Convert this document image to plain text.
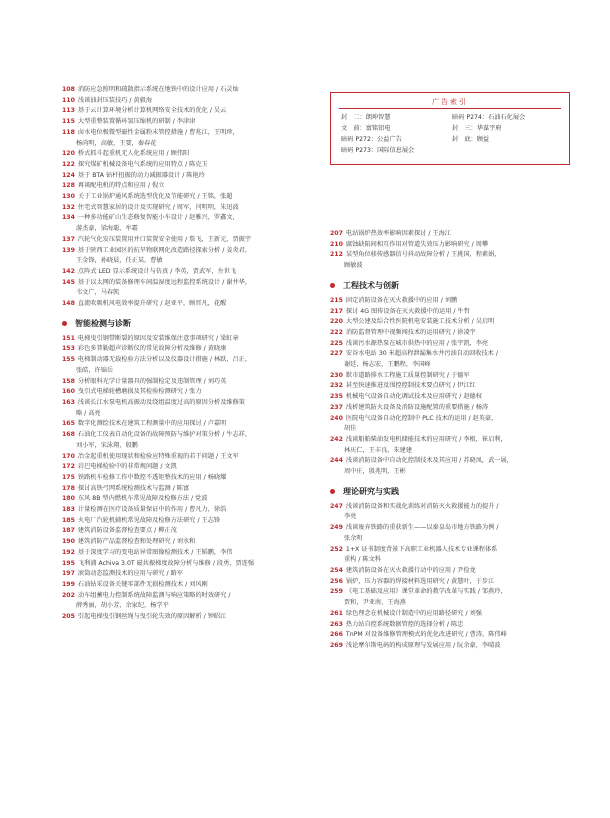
108 消防应急照明和疏散指示系统在地铁中的设计应用 / 石灵灿
110 浅谈油封压装技巧 / 黄毅海
113 基于云计算环境分析计算机网络安全技术的优化 / 吴云
115 大型重整装置循环氢压缩机的研制 / 李津津
118 卤水电位极微型磁性金属粉末管控措施 / 曹兆江，王明珍，
杨尚明，高敏，王要，秦春花
120 桥式抓斗起重机无人化系统应用 / 顾伟阳
122 探究煤矿机械设备电气系统的应用特点 / 陈克玉
124 基于 BTA 钻杆扭振的动力减振器设计 / 陈艳玲
128 再谈配电机的特点和应用 / 倪立
130 关于工业锅炉通风系统选型优化及节能研究 / 王铭，张超
132 住宅式智慧家居的设计及实现研究 / 周军，闫明明，朱迅波
134 一种多功能矿山生态修复智能小车设计 / 赵雅兴，罗鑫文，
游杰豪，梁海聪，牟霜
137 汽轮气化发压装置用并口装置安全使用 / 詹飞，王新元，贾振宇
139 基于陕西工业园区的抗旱物联网化改造路径探索分析 / 姜炎君，
王金锋，孙晓晨，任正某，曹敏
142 点阵式 LED 显示系统设计与仿真 / 李英，贾武军，左世飞
145 基于以太网的装备修理车间温湿度远程监控系统设计 / 谢井华，
韦文广，马春凯
148 直流吹吸机风电效率提升研究 / 赵亚平，顾晋凡，花醒
智能检测与诊断
151 电梯曳引钢带断裂的原因及安装维保注意事项研究 / 梁虹章
153 彩色多普勒超声诊断仪的常见故障分析及维修 / 黄晓康
155 电梯制动器无载检验方法分析以及仪器设计措施 / 林跃，吕正，
张皓，许锦岳
158 分析眼科光学计量器具的强制检定及违制管理 / 刘巧英
160 曳引式电梯轮槽磨损及其检验检测研究 / 张力
163 浅谈长江水泵电机高振动及绕组温度过高的原因分析及维修策
略 / 高亮
165 数字化测绘技术在建筑工程测量中的应用探讨 / 卢嘉明
168 石油化工仪表自动化设备的故障预防与维护对策分析 / 牛志祥，
刘小军，宋泳翔，殷鹏
170 冶金起重机使用现状和检验应特殊重视的若干问题 / 王文军
172 岩巴电梯检验中的非常规问题 / 文凯
175 铁路机车检修工作中数控不透矩整技术的应用 / 杨晓耀
178 探讨高铁弓网系统检测技术与监测 / 陈富
180 东风 8B 型内燃机车常见故障及检修方法 / 党波
183 计量检测在医疗设备质量保证中的作用 / 曹凡力，徐浩
185 火电厂汽轮机辅机常见故障及检修方法研究 / 王志锋
187 建筑消防设备监督检查要点 / 柳正茂
190 建筑消防产品监督检查和处理研究 / 刘水和
192 基于深度学习的变电站异常图像检测技术 / 王韬鹏，李伟
195 飞利浦 Achiva 3.0T 磁共振梯度故障分析与维修 / 段勇，贾连强
197 滚筒动态监测技术的应用与研究 / 路军
199 石油钻采设备关键零部件无损检测技术 / 刘风刚
202 动车组蓄电力控制系统故障监测与响应策略的时效研究 /
薛秀丽，胡小芳，余家纪，杨学平
205 引起电梯曳引钢丝绳与曳引轮失效的原因解析 / 钟昭江
广告索引
封　二：朗坤智慧	暗码 P274：石油石化展会
文　前：富铭铝电	封　三：华谋宇府
暗码 P272：公益广告	封　底：顾益
暗码 P273：国际信息展会
207 电站锅炉热效率影响因素探讨 / 王海江
210 腐蚀缺陷间相互作用对管道失效压力影响研究 / 周攀
212 某型角位移传感器信号抖动故障分析 / 王挑国，程素娟，
顾敏波
工程技术与创新
215 固定消防设备在灭火救援中的应用 / 刘鹏
217 探讨 4G 图传设备在灭火救援中的运用 / 牛哲
220 大型公建及综合性医院机电安装施工技术分析 / 吴启明
222 消防监督管理中视频闯技术的运用研究 / 徐凌宇
225 浅谈污水源热泵在城市供热中的应用 / 张宇凯，李亮
227 安谷水电站 30 米超高程泄漏集水井污油自动回收技术 /
谢廷，杨志宏，王鹏程，李国峰
230 默市道路排水工程施工质量控制研究 / 于德军
232 甚至快速推进及围控控制技术要点研究 / 伊江红
235 机械电气设备自动化调试技术及应用研究 / 赵德权
237 浅析建筑防火设备及消防设施配置的重要措施 / 杨涛
240 医院电气设备自动化控制中 PLC 技术的运用 / 赵英豪，
胡佳
242 浅谈船舶柴油发电机储能技术的应用研究 / 李根，崔启利，
林庆仁，王丰良，朱建建
244 浅谈消防设备中自动化控制技术及其应用 / 苏晓凤，武一展，
周中庄，殷兆明，王彬
理论研究与实践
247 浅谈消防设备和实战化训练对消防灭火救援能力的提升 /
李亮
249 浅谈废弃铁路的重获新生——以秦皇岛市地方铁路为例 /
张余明
252 1+X 证书制度背景下高职工业机器人技术专业课程体系
重构 / 陈文科
254 建筑消防设备在灭火救援行动中的应用 / 尹俭龙
256 锅炉，压力容器的焊接材料选用研究 / 黄慧叶，于步江
259 《电工基础及应用》课堂革命的教学改革与实践 / 邹燕玲，
贾和，尹亚南，王海燕
261 绿色理念在机械设计制造中的应用路径研究 / 刘强
263 热力站自控系统数据管控的选择分析 / 陈忠
266 TnPM 对设备维修管理模式的优化改进研究 / 曹涛，陈伟峰
269 浅论摩尔斯电码的构成原理与发展应用 / 阮余豪，李晴波
